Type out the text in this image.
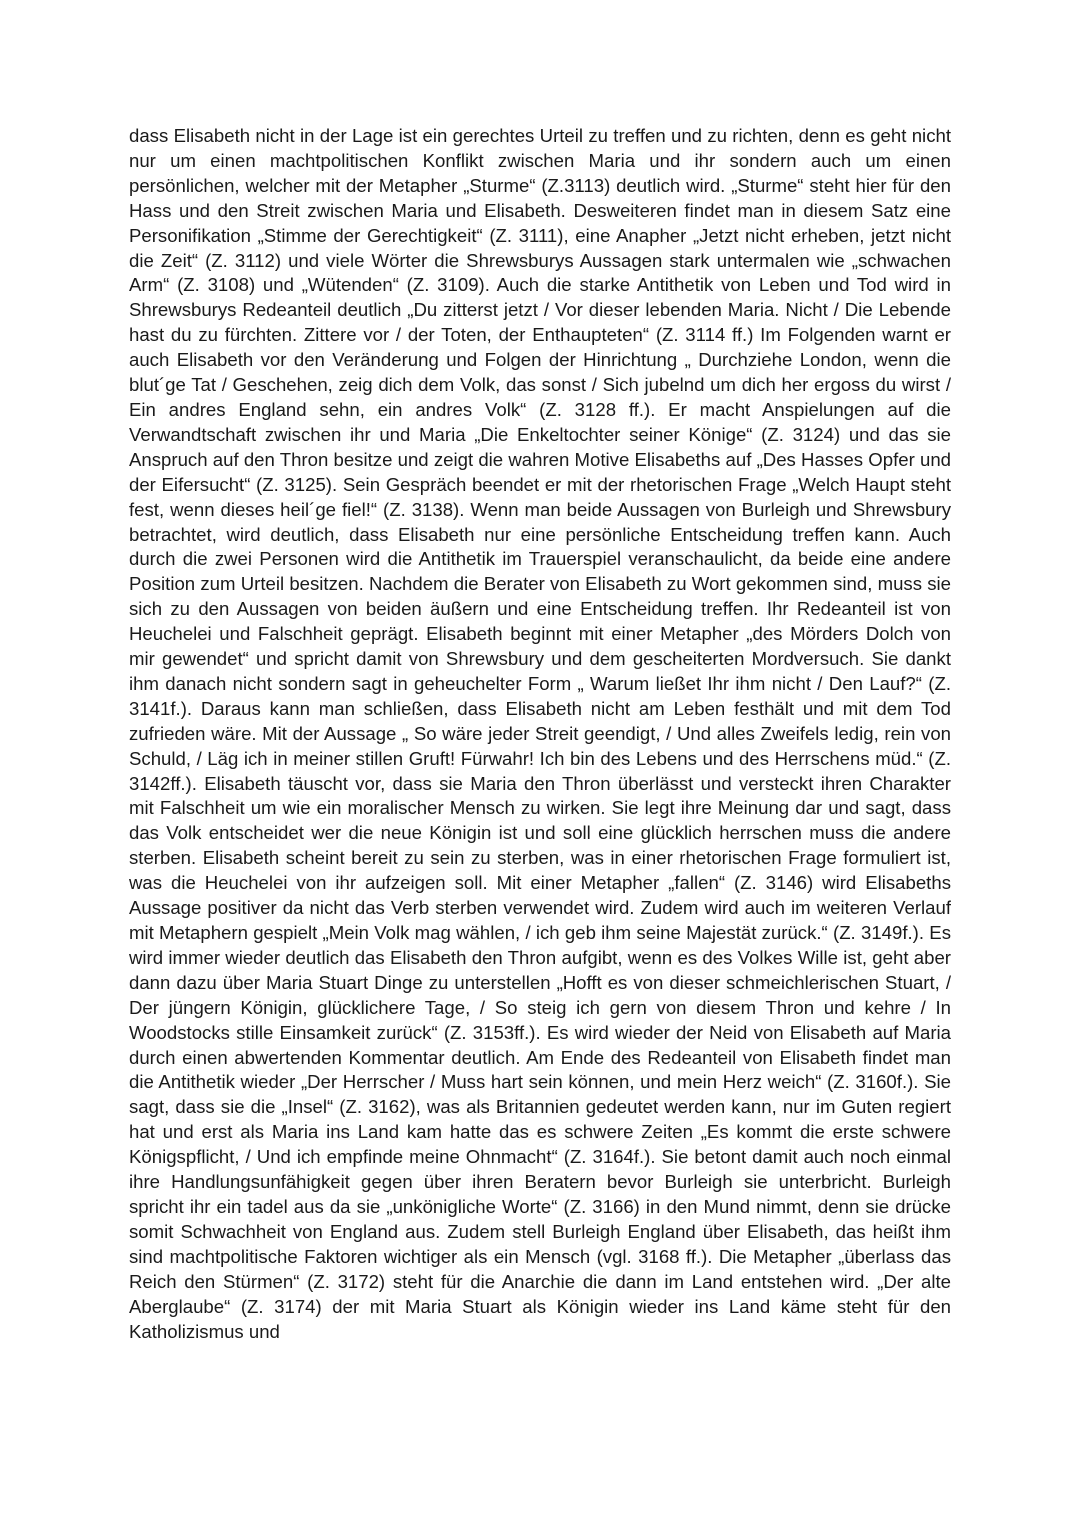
dass Elisabeth nicht in der Lage ist ein gerechtes Urteil zu treffen und zu richten, denn es geht nicht nur um einen machtpolitischen Konflikt zwischen Maria und ihr sondern auch um einen persönlichen, welcher mit der Metapher „Sturme“ (Z.3113) deutlich wird. „Sturme“ steht hier für den Hass und den Streit zwischen Maria und Elisabeth. Desweiteren findet man in diesem Satz eine Personifikation „Stimme der Gerechtigkeit“ (Z. 3111), eine Anapher „Jetzt nicht erheben, jetzt nicht die Zeit“ (Z. 3112) und viele Wörter die Shrewsburys Aussagen stark untermalen wie „schwachen Arm“ (Z. 3108) und „Wütenden“ (Z. 3109). Auch die starke Antithetik von Leben und Tod wird in Shrewsburys Redeanteil deutlich „Du zitterst jetzt / Vor dieser lebenden Maria. Nicht / Die Lebende hast du zu fürchten. Zittere vor / der Toten, der Enthaupteten“ (Z. 3114 ff.) Im Folgenden warnt er auch Elisabeth vor den Veränderung und Folgen der Hinrichtung „ Durchziehe London, wenn die blut´ge Tat / Geschehen, zeig dich dem Volk, das sonst / Sich jubelnd um dich her ergoss du wirst / Ein andres England sehn, ein andres Volk“ (Z. 3128 ff.). Er macht Anspielungen auf die Verwandtschaft zwischen ihr und Maria „Die Enkeltochter seiner Könige“ (Z. 3124) und das sie Anspruch auf den Thron besitze und zeigt die wahren Motive Elisabeths auf „Des Hasses Opfer und der Eifersucht“ (Z. 3125). Sein Gespräch beendet er mit der rhetorischen Frage „Welch Haupt steht fest, wenn dieses heil´ge fiel!“ (Z. 3138). Wenn man beide Aussagen von Burleigh und Shrewsbury betrachtet, wird deutlich, dass Elisabeth nur eine persönliche Entscheidung treffen kann. Auch durch die zwei Personen wird die Antithetik im Trauerspiel veranschaulicht, da beide eine andere Position zum Urteil besitzen. Nachdem die Berater von Elisabeth zu Wort gekommen sind, muss sie sich zu den Aussagen von beiden äußern und eine Entscheidung treffen. Ihr Redeanteil ist von Heuchelei und Falschheit geprägt. Elisabeth beginnt mit einer Metapher „des Mörders Dolch von mir gewendet“ und spricht damit von Shrewsbury und dem gescheiterten Mordversuch. Sie dankt ihm danach nicht sondern sagt in geheuchelter Form „ Warum ließet Ihr ihm nicht / Den Lauf?“ (Z. 3141f.). Daraus kann man schließen, dass Elisabeth nicht am Leben festhält und mit dem Tod zufrieden wäre. Mit der Aussage „ So wäre jeder Streit geendigt, / Und alles Zweifels ledig, rein von Schuld, / Läg ich in meiner stillen Gruft! Fürwahr! Ich bin des Lebens und des Herrschens müd.“ (Z. 3142ff.). Elisabeth täuscht vor, dass sie Maria den Thron überlässt und versteckt ihren Charakter mit Falschheit um wie ein moralischer Mensch zu wirken. Sie legt ihre Meinung dar und sagt, dass das Volk entscheidet wer die neue Königin ist und soll eine glücklich herrschen muss die andere sterben. Elisabeth scheint bereit zu sein zu sterben, was in einer rhetorischen Frage formuliert ist, was die Heuchelei von ihr aufzeigen soll. Mit einer Metapher „fallen“ (Z. 3146) wird Elisabeths Aussage positiver da nicht das Verb sterben verwendet wird. Zudem wird auch im weiteren Verlauf mit Metaphern gespielt „Mein Volk mag wählen, / ich geb ihm seine Majestät zurück.“ (Z. 3149f.). Es wird immer wieder deutlich das Elisabeth den Thron aufgibt, wenn es des Volkes Wille ist, geht aber dann dazu über Maria Stuart Dinge zu unterstellen „Hofft es von dieser schmeichlerischen Stuart, / Der jüngern Königin, glücklichere Tage, / So steig ich gern von diesem Thron und kehre / In Woodstocks stille Einsamkeit zurück“ (Z. 3153ff.). Es wird wieder der Neid von Elisabeth auf Maria durch einen abwertenden Kommentar deutlich. Am Ende des Redeanteil von Elisabeth findet man die Antithetik wieder „Der Herrscher / Muss hart sein können, und mein Herz weich“ (Z. 3160f.). Sie sagt, dass sie die „Insel“ (Z. 3162), was als Britannien gedeutet werden kann, nur im Guten regiert hat und erst als Maria ins Land kam hatte das es schwere Zeiten „Es kommt die erste schwere Königspflicht, / Und ich empfinde meine Ohnmacht“ (Z. 3164f.). Sie betont damit auch noch einmal ihre Handlungsunfähigkeit gegen über ihren Beratern bevor Burleigh sie unterbricht. Burleigh spricht ihr ein tadel aus da sie „unkönigliche Worte“ (Z. 3166) in den Mund nimmt, denn sie drücke somit Schwachheit von England aus. Zudem stell Burleigh England über Elisabeth, das heißt ihm sind machtpolitische Faktoren wichtiger als ein Mensch (vgl. 3168 ff.). Die Metapher „überlass das Reich den Stürmen“ (Z. 3172) steht für die Anarchie die dann im Land entstehen wird. „Der alte Aberglaube“ (Z. 3174) der mit Maria Stuart als Königin wieder ins Land käme steht für den Katholizismus und
